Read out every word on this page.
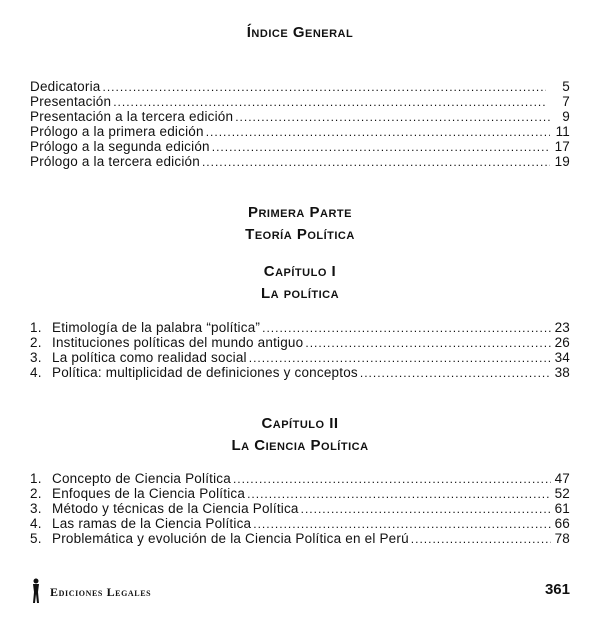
Índice General
Dedicatoria .....	5
Presentación .....	7
Presentación a la tercera edición .....	9
Prólogo a la primera edición .....	11
Prólogo a la segunda edición .....	17
Prólogo a la tercera edición .....	19
Primera Parte
Teoría Política
Capítulo I
La política
1. Etimología de la palabra “política” .....	23
2. Instituciones políticas del mundo antiguo .....	26
3. La política como realidad social .....	34
4. Política: multiplicidad de definiciones y conceptos .....	38
Capítulo II
La Ciencia Política
1. Concepto de Ciencia Política .....	47
2. Enfoques de la Ciencia Política .....	52
3. Método y técnicas de la Ciencia Política .....	61
4. Las ramas de la Ciencia Política .....	66
5. Problemática y evolución de la Ciencia Política en el Perú .....	78
Ediciones Legales	361
